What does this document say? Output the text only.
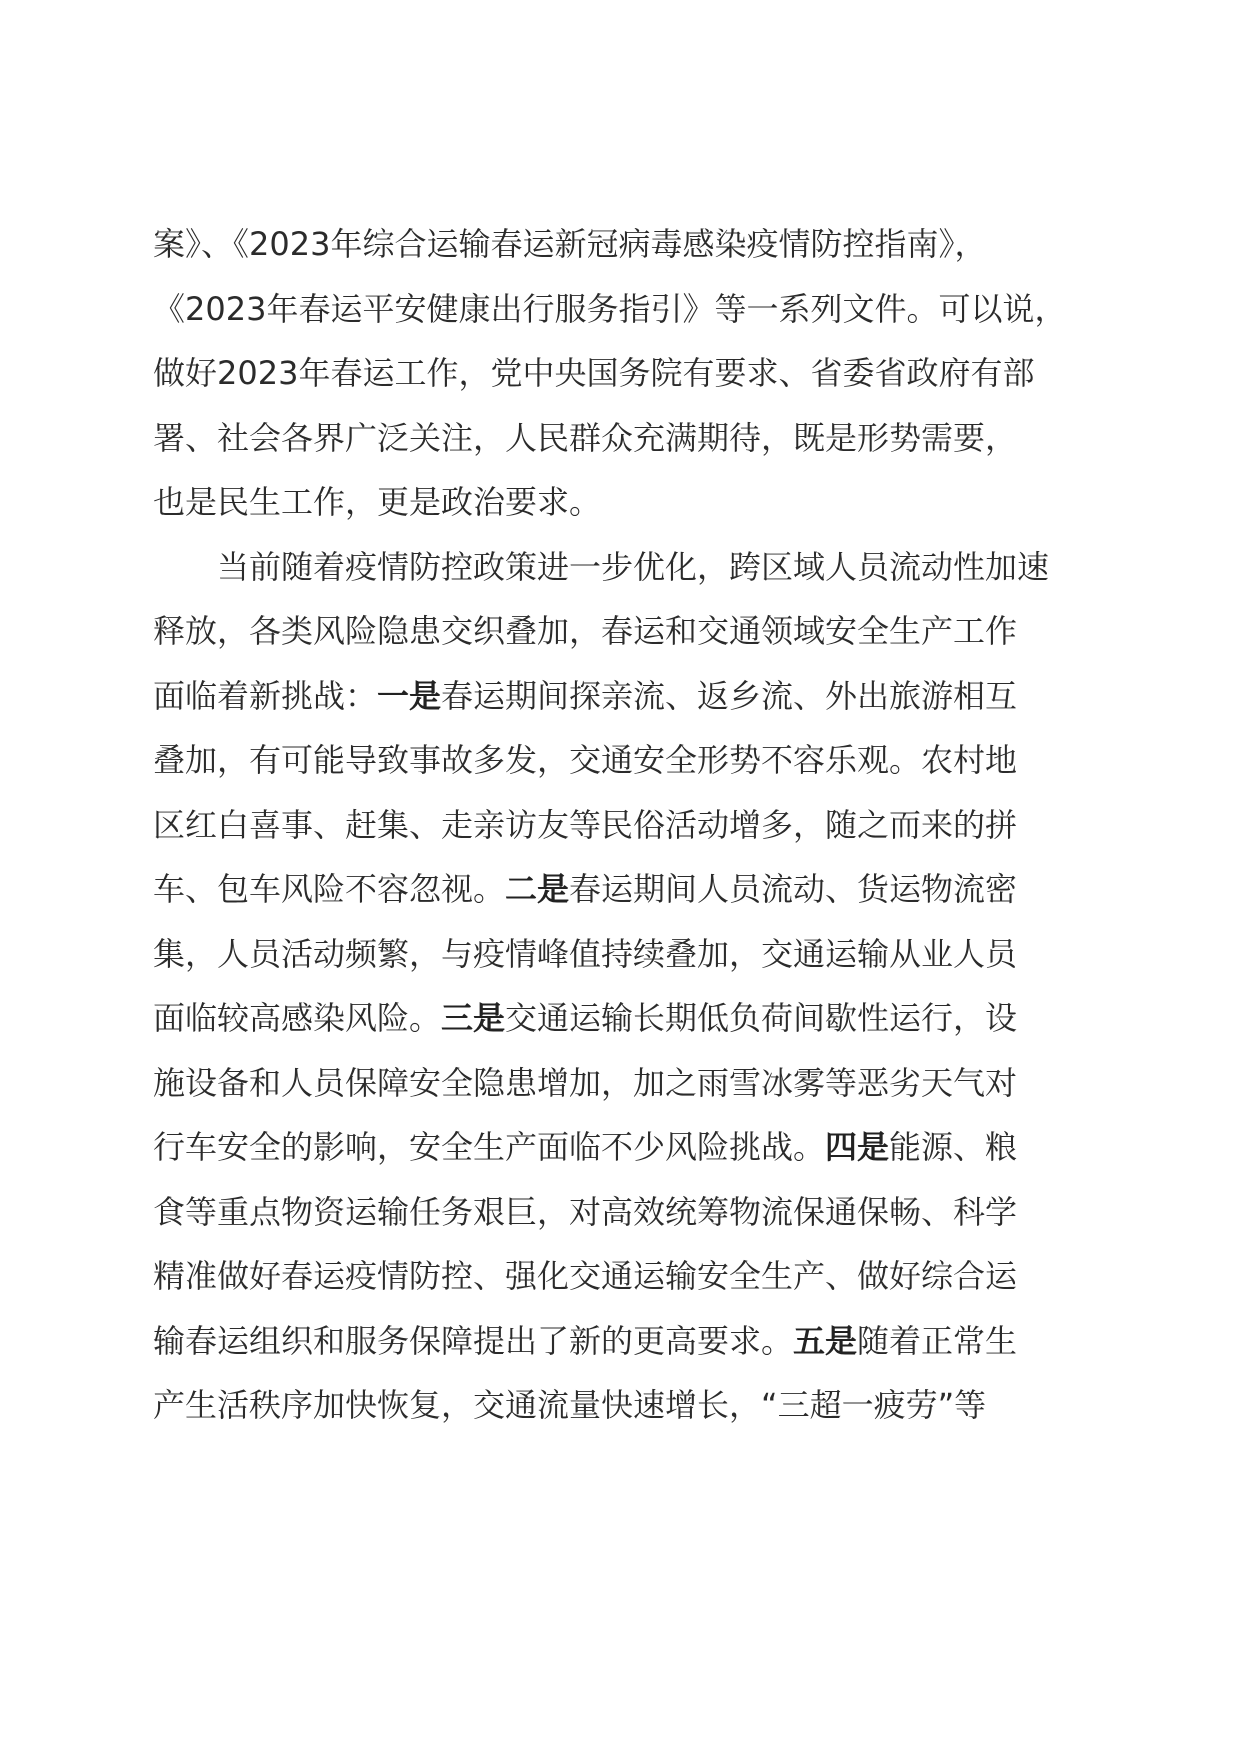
案》、《2023年综合运输春运新冠病毒感染疫情防控指南》，
《2023年春运平安健康出行服务指引》等一系列文件。可以说，
做好2023年春运工作，党中央国务院有要求、省委省政府有部
署、社会各界广泛关注，人民群众充满期待，既是形势需要，
也是民生工作，更是政治要求。

当前随着疫情防控政策进一步优化，跨区域人员流动性加速
释放，各类风险隐患交织叠加，春运和交通领域安全生产工作
面临着新挑战：一是春运期间探亲流、返乡流、外出旅游相互
叠加，有可能导致事故多发，交通安全形势不容乐观。农村地
区红白喜事、赶集、走亲访友等民俗活动增多，随之而来的拼
车、包车风险不容忽视。二是春运期间人员流动、货运物流密
集，人员活动频繁，与疫情峰值持续叠加，交通运输从业人员
面临较高感染风险。三是交通运输长期低负荷间歇性运行，设
施设备和人员保障安全隐患增加，加之雨雪冰雾等恶劣天气对
行车安全的影响，安全生产面临不少风险挑战。四是能源、粮
食等重点物资运输任务艰巨，对高效统筹物流保通保畅、科学
精准做好春运疫情防控、强化交通运输安全生产、做好综合运
输春运组织和服务保障提出了新的更高要求。五是随着正常生
产生活秩序加快恢复，交通流量快速增长，“三超一疲劳”等
